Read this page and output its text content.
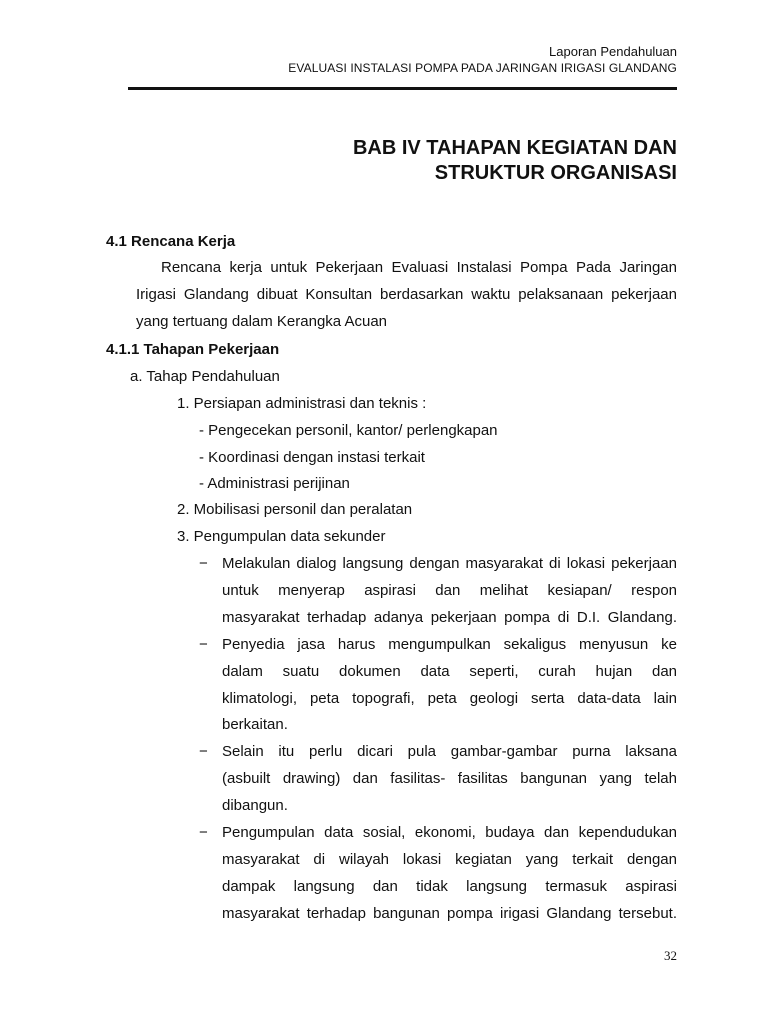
Laporan Pendahuluan
EVALUASI INSTALASI POMPA PADA JARINGAN IRIGASI GLANDANG
BAB IV TAHAPAN KEGIATAN DAN
STRUKTUR ORGANISASI
4.1 Rencana Kerja
Rencana kerja untuk Pekerjaan Evaluasi Instalasi Pompa Pada Jaringan
Irigasi Glandang dibuat Konsultan berdasarkan waktu pelaksanaan pekerjaan
yang tertuang dalam Kerangka Acuan
4.1.1 Tahapan Pekerjaan
a. Tahap Pendahuluan
1. Persiapan administrasi dan teknis :
- Pengecekan personil, kantor/ perlengkapan
- Koordinasi dengan instasi terkait
- Administrasi perijinan
2. Mobilisasi personil dan peralatan
3. Pengumpulan data sekunder
− Melakulan dialog langsung dengan masyarakat di lokasi pekerjaan
untuk menyerap aspirasi dan melihat kesiapan/ respon
masyarakat terhadap adanya pekerjaan pompa di D.I. Glandang.
− Penyedia jasa harus mengumpulkan sekaligus menyusun ke
dalam suatu dokumen data seperti, curah hujan dan
klimatologi, peta topografi, peta geologi serta data-data lain
berkaitan.
− Selain itu perlu dicari pula gambar-gambar purna laksana
(asbuilt drawing) dan fasilitas- fasilitas bangunan yang telah
dibangun.
− Pengumpulan data sosial, ekonomi, budaya dan kependudukan
masyarakat di wilayah lokasi kegiatan yang terkait dengan
dampak langsung dan tidak langsung termasuk aspirasi
masyarakat terhadap bangunan pompa irigasi Glandang tersebut.
32
